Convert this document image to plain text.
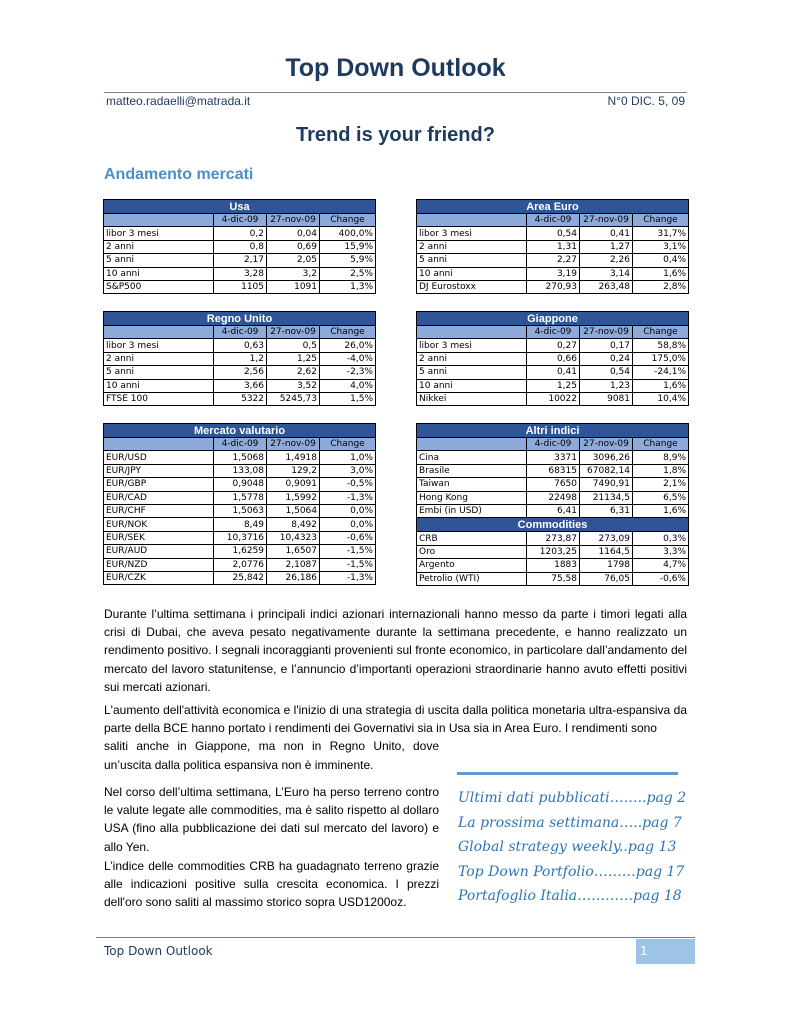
Top Down Outlook
matteo.radaelli@matrada.it	N°0 DIC. 5, 09
Trend is your friend?
Andamento mercati
Usa			
	4-dic-09	27-nov-09	Change
libor 3 mesi	0,2	0,04	400,0%
2 anni	0,8	0,69	15,9%
5 anni	2,17	2,05	5,9%
10 anni	3,28	3,2	2,5%
S&P500	1105	1091	1,3%
Area Euro			
	4-dic-09	27-nov-09	Change
libor 3 mesi	0,54	0,41	31,7%
2 anni	1,31	1,27	3,1%
5 anni	2,27	2,26	0,4%
10 anni	3,19	3,14	1,6%
DJ Eurostoxx	270,93	263,48	2,8%
Regno Unito			
	4-dic-09	27-nov-09	Change
libor 3 mesi	0,63	0,5	26,0%
2 anni	1,2	1,25	-4,0%
5 anni	2,56	2,62	-2,3%
10 anni	3,66	3,52	4,0%
FTSE 100	5322	5245,73	1,5%
Giappone			
	4-dic-09	27-nov-09	Change
libor 3 mesi	0,27	0,17	58,8%
2 anni	0,66	0,24	175,0%
5 anni	0,41	0,54	-24,1%
10 anni	1,25	1,23	1,6%
Nikkei	10022	9081	10,4%
Mercato valutario			
	4-dic-09	27-nov-09	Change
EUR/USD	1,5068	1,4918	1,0%
EUR/JPY	133,08	129,2	3,0%
EUR/GBP	0,9048	0,9091	-0,5%
EUR/CAD	1,5778	1,5992	-1,3%
EUR/CHF	1,5063	1,5064	0,0%
EUR/NOK	8,49	8,492	0,0%
EUR/SEK	10,3716	10,4323	-0,6%
EUR/AUD	1,6259	1,6507	-1,5%
EUR/NZD	2,0776	2,1087	-1,5%
EUR/CZK	25,842	26,186	-1,3%
Altri indici			
	4-dic-09	27-nov-09	Change
Cina	3371	3096,26	8,9%
Brasile	68315	67082,14	1,8%
Taiwan	7650	7490,91	2,1%
Hong Kong	22498	21134,5	6,5%
Embi (in USD)	6,41	6,31	1,6%
Commodities			
CRB	273,87	273,09	0,3%
Oro	1203,25	1164,5	3,3%
Argento	1883	1798	4,7%
Petrolio (WTI)	75,58	76,05	-0,6%
Durante l’ultima settimana i principali indici azionari internazionali hanno messo da parte i timori legati alla crisi di Dubai, che aveva pesato negativamente durante la settimana precedente, e hanno realizzato un rendimento positivo. I segnali incoraggianti provenienti sul fronte economico, in particolare dall’andamento del mercato del lavoro statunitense, e l’annuncio d’importanti operazioni straordinarie hanno avuto effetti positivi sui mercati azionari.
L'aumento dell'attività economica e l'inizio di una strategia di uscita dalla politica monetaria ultra-espansiva da parte della BCE hanno portato i rendimenti dei Governativi sia in Usa sia in Area Euro. I rendimenti sono
saliti anche in Giappone, ma non in Regno Unito, dove un’uscita dalla politica espansiva non è imminente.
Nel corso dell’ultima settimana, L’Euro ha perso terreno contro le valute legate alle commodities, ma è salito rispetto al dollaro USA (fino alla pubblicazione dei dati sul mercato del lavoro) e allo Yen.
L’indice delle commodities CRB ha guadagnato terreno grazie alle indicazioni positive sulla crescita economica. I prezzi dell'oro sono saliti al massimo storico sopra USD1200oz.
Ultimi dati pubblicati……..pag 2
La prossima settimana…..pag 7
Global strategy weekly..pag 13
Top Down Portfolio………pag 17
Portafoglio Italia…………pag 18
Top Down Outlook	1
